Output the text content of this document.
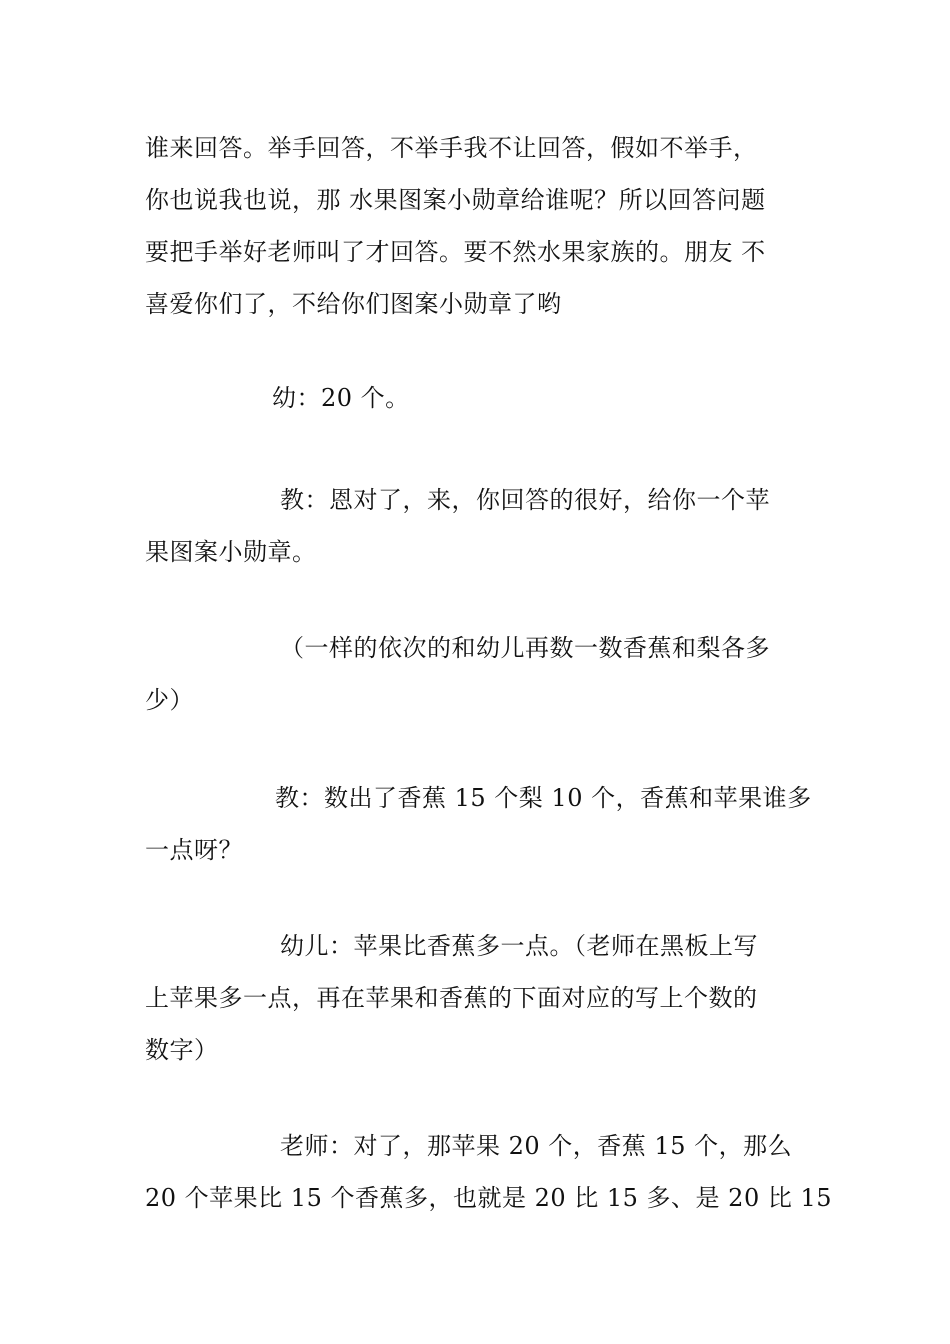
谁来回答。举手回答，不举手我不让回答，假如不举手，
你也说我也说，那 水果图案小勋章给谁呢？所以回答问题
要把手举好老师叫了才回答。要不然水果家族的。朋友 不
喜爱你们了，不给你们图案小勋章了哟
幼：20 个。
教：恩对了，来，你回答的很好，给你一个苹
果图案小勋章。
（一样的依次的和幼儿再数一数香蕉和梨各多
少）
教：数出了香蕉 15 个梨 10 个，香蕉和苹果谁多
一点呀？
幼儿：苹果比香蕉多一点。（老师在黑板上写
上苹果多一点，再在苹果和香蕉的下面对应的写上个数的
数字）
老师：对了，那苹果 20 个，香蕉 15 个，那么
20 个苹果比 15 个香蕉多，也就是 20 比 15 多、是 20 比 15
